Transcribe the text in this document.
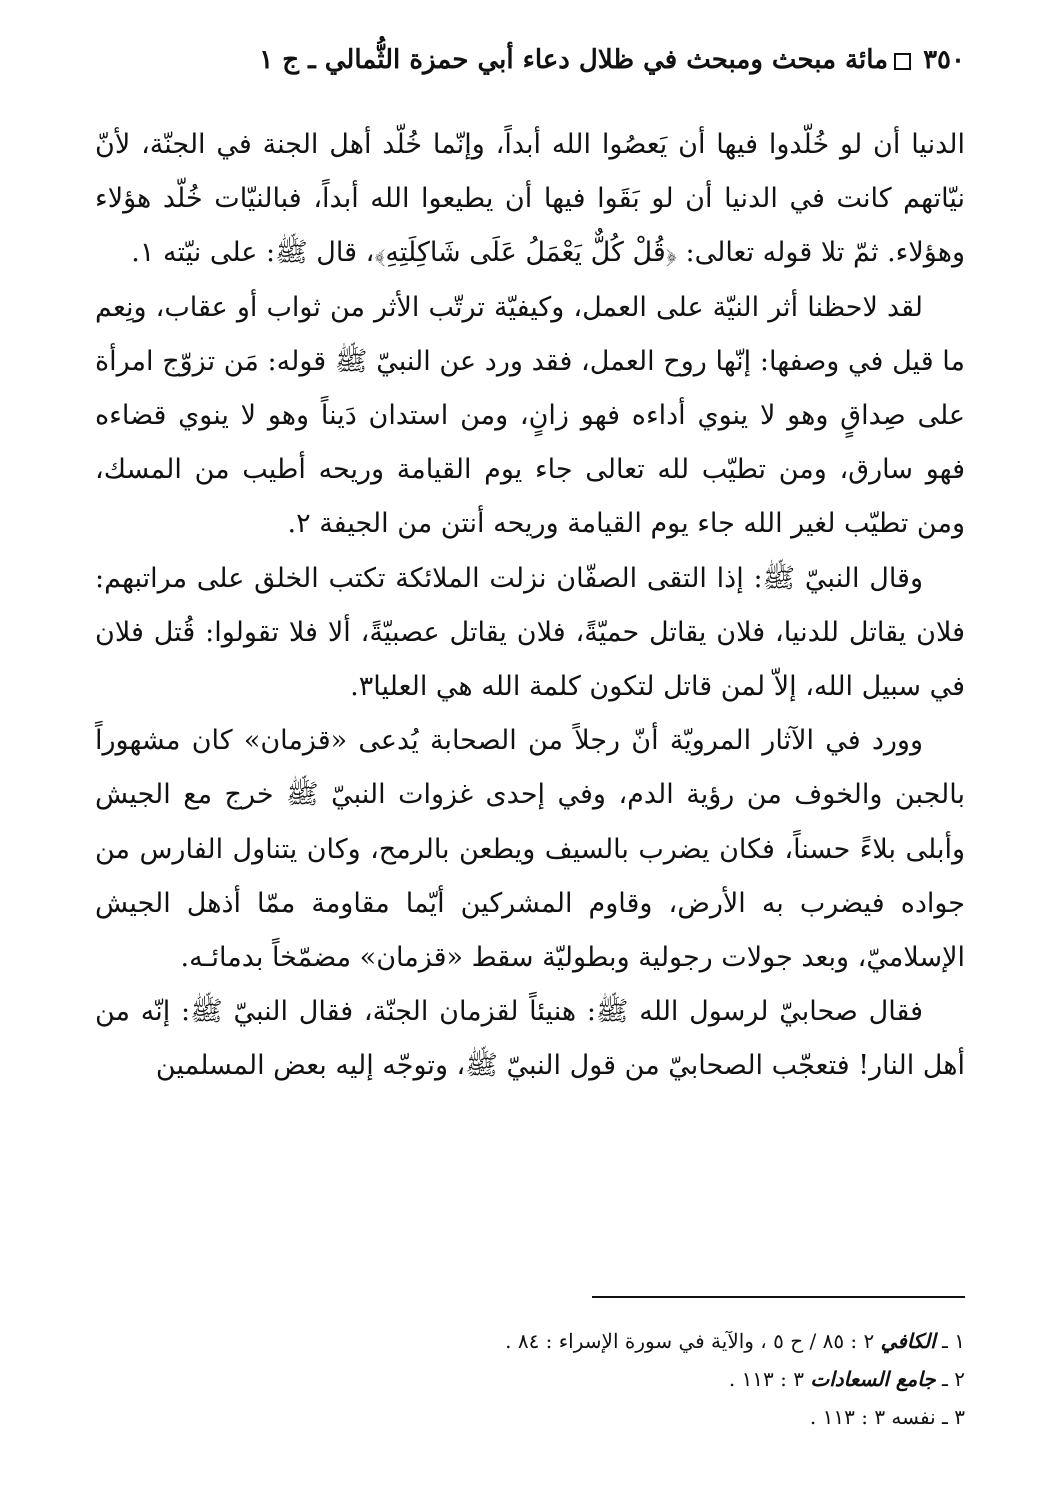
٣٥٠مائة مبحث ومبحث في ظلال دعاء أبي حمزة الثُّمالي ـ ج ١

الدنيا أن لو خُلّدوا فيها أن يَعصُوا الله أبداً، وإنّما خُلّد أهل الجنة في الجنّة، لأنّ نيّاتهم كانت في الدنيا أن لو بَقَوا فيها أن يطيعوا الله أبداً، فبالنيّات خُلّد هؤلاء وهؤلاء. ثمّ تلا قوله تعالى: ﴿قُلْ كُلٌّ يَعْمَلُ عَلَى شَاكِلَتِهِ﴾، قال ﷺ: على نيّته ١.

لقد لاحظنا أثر النيّة على العمل، وكيفيّة ترتّب الأثر من ثواب أو عقاب، ونِعم ما قيل في وصفها: إنّها روح العمل، فقد ورد عن النبيّ ﷺ قوله: مَن تزوّج امرأة على صِداقٍ وهو لا ينوي أداءه فهو زانٍ، ومن استدان دَيناً وهو لا ينوي قضاءه فهو سارق، ومن تطيّب لله تعالى جاء يوم القيامة وريحه أطيب من المسك، ومن تطيّب لغير الله جاء يوم القيامة وريحه أنتن من الجيفة ٢.

وقال النبيّ ﷺ: إذا التقى الصفّان نزلت الملائكة تكتب الخلق على مراتبهم: فلان يقاتل للدنيا، فلان يقاتل حميّةً، فلان يقاتل عصبيّةً، ألا فلا تقولوا: قُتل فلان في سبيل الله، إلاّ لمن قاتل لتكون كلمة الله هي العليا٣.

وورد في الآثار المرويّة أنّ رجلاً من الصحابة يُدعى «قزمان» كان مشهوراً بالجبن والخوف من رؤية الدم، وفي إحدى غزوات النبيّ ﷺ خرج مع الجيش وأبلى بلاءً حسناً، فكان يضرب بالسيف ويطعن بالرمح، وكان يتناول الفارس من جواده فيضرب به الأرض، وقاوم المشركين أيّما مقاومة ممّا أذهل الجيش الإسلاميّ، وبعد جولات رجولية وبطوليّة سقط «قزمان» مضمّخاً بدمائـه.

فقال صحابيّ لرسول الله ﷺ: هنيئاً لقزمان الجنّة، فقال النبيّ ﷺ: إنّه من أهل النار! فتعجّب الصحابيّ من قول النبيّ ﷺ، وتوجّه إليه بعض المسلمين

١ ـ الكافي ٢ : ٨٥ / ح ٥ ، والآية في سورة الإسراء : ٨٤ .

٢ ـ جامع السعادات ٣ : ١١٣ .

٣ ـ نفسه ٣ : ١١٣ .
